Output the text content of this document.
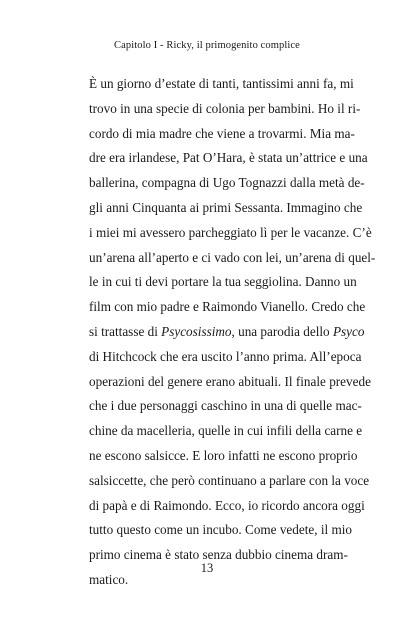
Capitolo I - Ricky, il primogenito complice
È un giorno d’estate di tanti, tantissimi anni fa, mi
trovo in una specie di colonia per bambini. Ho il ri-
cordo di mia madre che viene a trovarmi. Mia ma-
dre era irlandese, Pat O’Hara, è stata un’attrice e una
ballerina, compagna di Ugo Tognazzi dalla metà de-
gli anni Cinquanta ai primi Sessanta. Immagino che
i miei mi avessero parcheggiato lì per le vacanze. C’è
un’arena all’aperto e ci vado con lei, un’arena di quel-
le in cui ti devi portare la tua seggiolina. Danno un
film con mio padre e Raimondo Vianello. Credo che
si trattasse di Psycosissimo, una parodia dello Psyco
di Hitchcock che era uscito l’anno prima. All’epoca
operazioni del genere erano abituali. Il finale prevede
che i due personaggi caschino in una di quelle mac-
chine da macelleria, quelle in cui infili della carne e
ne escono salsicce. E loro infatti ne escono proprio
salsiccette, che però continuano a parlare con la voce
di papà e di Raimondo. Ecco, io ricordo ancora oggi
tutto questo come un incubo. Come vedete, il mio
primo cinema è stato senza dubbio cinema dram-
matico.
13
